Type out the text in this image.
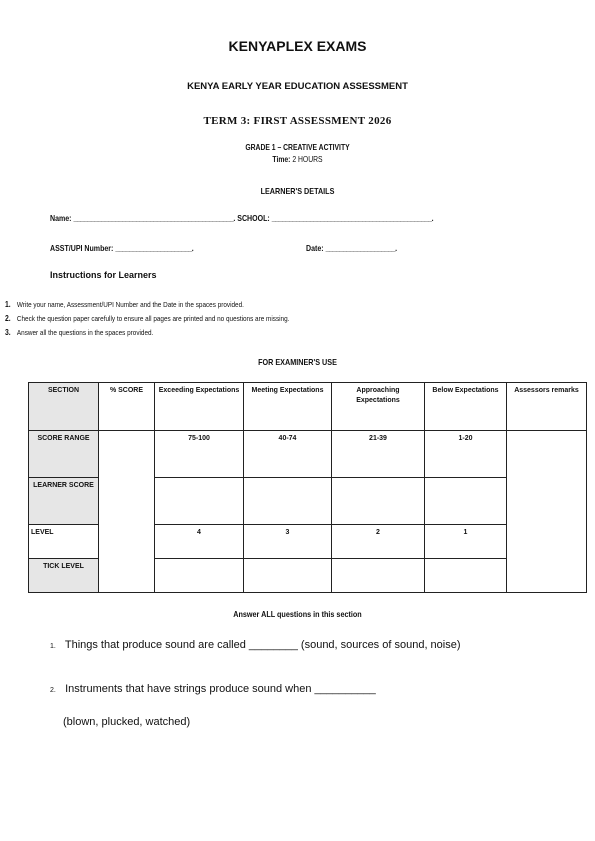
KENYAPLEX EXAMS
KENYA EARLY YEAR EDUCATION ASSESSMENT
TERM 3: FIRST ASSESSMENT 2026
GRADE 1 – CREATIVE ACTIVITY
Time: 2 HOURS
LEARNER'S DETAILS
Name: ______________________________________________. SCHOOL: ______________________________________________.
ASST/UPI Number: ______________________.	Date: ____________________.
Instructions for Learners
1. Write your name, Assessment/UPI Number and the Date in the spaces provided.
2. Check the question paper carefully to ensure all pages are printed and no questions are missing.
3. Answer all the questions in the spaces provided.
FOR EXAMINER'S USE
SECTION	% SCORE	Exceeding Expectations	Meeting Expectations	Approaching Expectations	Below Expectations	Assessors remarks
SCORE RANGE		75-100	40-74	21-39	1-20	
LEARNER SCORE						
LEVEL		4	3	2	1	
TICK LEVEL						
Answer ALL questions in this section
1. Things that produce sound are called ________ (sound, sources of sound, noise)
2. Instruments that have strings produce sound when __________
(blown, plucked, watched)
